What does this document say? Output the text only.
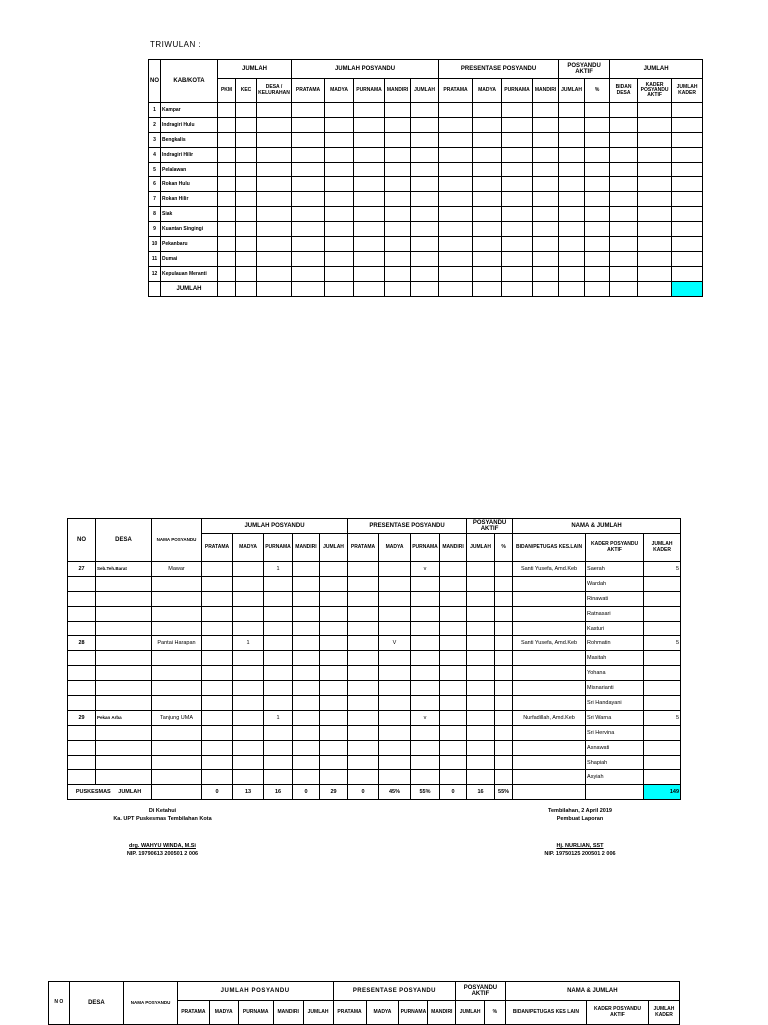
TRIWULAN :
NO	KAB/KOTA	JUMLAH			JUMLAH POSYANDU					PRESENTASE POSYANDU				POSYANDU AKTIF		JUMLAH		
		PKM	KEC	DESA / KELURAHAN	PRATAMA	MADYA	PURNAMA	MANDIRI	JUMLAH	PRATAMA	MADYA	PURNAMA	MANDIRI	JUMLAH	%	BIDAN DESA	KADER POSYANDU AKTIF	JUMLAH KADER
1	Kampar																	
2	Indragiri Hulu																	
3	Bengkalis																	
4	Indragiri Hilir																	
5	Pelalawan																	
6	Rokan Hulu																	
7	Rokan Hilir																	
8	Siak																	
9	Kuantan Singingi																	
10	Pekanbaru																	
11	Dumai																	
12	Kepulauan Meranti																	
	JUMLAH																	
NO	DESA	NAMA POSYANDU	JUMLAH POSYANDU					PRESENTASE POSYANDU				POSYANDU AKTIF		NAMA & JUMLAH		
			PRATAMA	MADYA	PURNAMA	MANDIRI	JUMLAH	PRATAMA	MADYA	PURNAMA	MANDIRI	JUMLAH	%	BIDAN/PETUGAS KES.LAIN	KADER POSYANDU AKTIF	JUMLAH KADER
27	Seb.Teh.Barat	Mawar			1					v				Santi Yusefa, Amd.Keb	Saerah	5
															Wardah	
															Rinawati	
															Ratnasari	
															Kasturi	
28		Pantai Harapan		1					V					Santi Yusefa, Amd.Keb	Rohmatin	5
															Masitah	
															Yohana	
															Misnarianti	
															Sri Handayani	
29	Pekan Arba	Tanjung UMA			1					v				Nurfadillah, Amd.Keb	Sri Warna	5
															Sri Hervina	
															Asnawati	
															Shapiah	
															Asyiah	
PUSKESMAS JUMLAH			0	13	16	0	29	0	45%	55%	0	16	55%			149
Di Ketahui
Ka. UPT Puskesmas Tembilahan Kota
drg. WAHYU WINDA, M.Si
NIP. 19790613 200501 2 006
Tembilahan, 2 April 2019
Pembuat Laporan
Hj. NURLIAN, SST
NIP. 19750125 200501 2 006
N O	DESA	NAMA POSYANDU	JUMLAH POSYANDU					PRESENTASE POSYANDU				POSYANDU AKTIF		NAMA & JUMLAH		
			PRATAMA	MADYA	PURNAMA	MANDIRI	JUMLAH	PRATAMA	MADYA	PURNAMA	MANDIRI	JUMLAH	%	BIDAN/PETUGAS KES LAIN	KADER POSYANDU AKTIF	JUMLAH KADER
